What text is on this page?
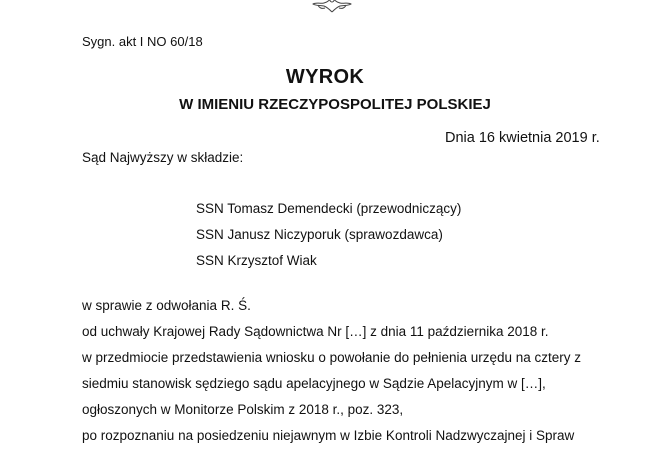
Sygn. akt I NO 60/18
WYROK
W IMIENIU RZECZYPOSPOLITEJ POLSKIEJ
Dnia 16 kwietnia 2019 r.
Sąd Najwyższy w składzie:
SSN Tomasz Demendecki (przewodniczący)
SSN Janusz Niczyporuk (sprawozdawca)
SSN Krzysztof Wiak
w sprawie z odwołania R. Ś.
od uchwały Krajowej Rady Sądownictwa Nr […] z dnia 11 października 2018 r.
w przedmiocie przedstawienia wniosku o powołanie do pełnienia urzędu na cztery z
siedmiu stanowisk sędziego sądu apelacyjnego w Sądzie Apelacyjnym w […],
ogłoszonych w Monitorze Polskim z 2018 r., poz. 323,
po rozpoznaniu na posiedzeniu niejawnym w Izbie Kontroli Nadzwyczajnej i Spraw
